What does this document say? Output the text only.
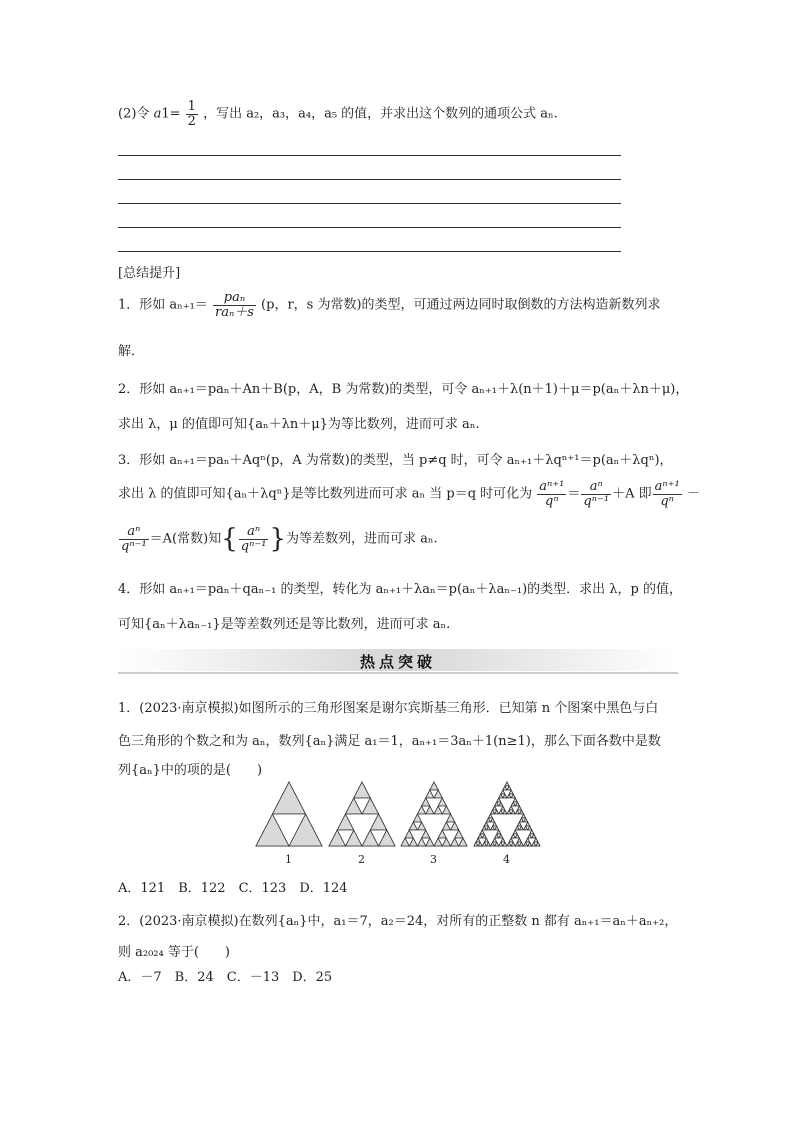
(2)令 $a1= \frac{1}{2}$ ，写出 a₂，a₃，a₄，a₅ 的值，并求出这个数列的通项公式 aₙ.
[总结提升]
1．形如 $a_{n+1}= \frac{\text{paₙ}}{\text{raₙ＋s}} (p$，r，s 为常数)的类型，可通过两边同时取倒数的方法构造新数列求
解．
2．形如 aₙ₊₁＝paₙ＋An＋B(p，A，B 为常数)的类型，可令 aₙ₊₁＋λ(n＋1)＋μ＝p(aₙ＋λn＋μ)，
求出 λ，μ 的值即可知{aₙ＋λn＋μ}为等比数列，进而可求 aₙ.
3．形如 aₙ₊₁＝paₙ＋Aqⁿ(p，A 为常数)的类型，当 p≠q 时，可令 aₙ₊₁＋λqⁿ⁺¹＝p(aₙ＋λqⁿ)，
求出 λ 的值即可知{aₙ＋λqⁿ}是等比数列进而可求 aₙ 当 p＝q 时可化为 $\frac{\text{aⁿ⁺¹}}{\text{qⁿ}} = \frac{\text{aⁿ}}{\text{qⁿ⁻¹}} +A$ 即 $\frac{\text{aⁿ⁺¹}}{\text{qⁿ}}$ －
$\frac{\text{aⁿ}}{\text{qⁿ⁻¹}} =A$(常数)知{ $\frac{\text{aⁿ}}{\text{qⁿ⁻¹}}$ }为等差数列，进而可求 aₙ.
4．形如 aₙ₊₁＝paₙ＋qaₙ₋₁ 的类型，转化为 aₙ₊₁＋λaₙ＝p(aₙ＋λaₙ₋₁)的类型．求出 λ，p 的值，
可知{aₙ＋λaₙ₋₁}是等差数列还是等比数列，进而可求 aₙ.
热点突破
1．(2023·南京模拟)如图所示的三角形图案是谢尔宾斯基三角形．已知第 n 个图案中黑色与白
色三角形的个数之和为 aₙ，数列{aₙ}满足 a₁＝1，aₙ₊₁＝3aₙ＋1(n≥1)，那么下面各数中是数
列{aₙ}中的项的是(　　)
1	2	3	4
A．121　B．122　C．123　D．124
2．(2023·南京模拟)在数列{aₙ}中，a₁＝7，a₂＝24，对所有的正整数 n 都有 aₙ₊₁＝aₙ＋aₙ₊₂，
则 a₂₀₂₄ 等于(　　)
A．－7　B．24　C．－13　D．25
